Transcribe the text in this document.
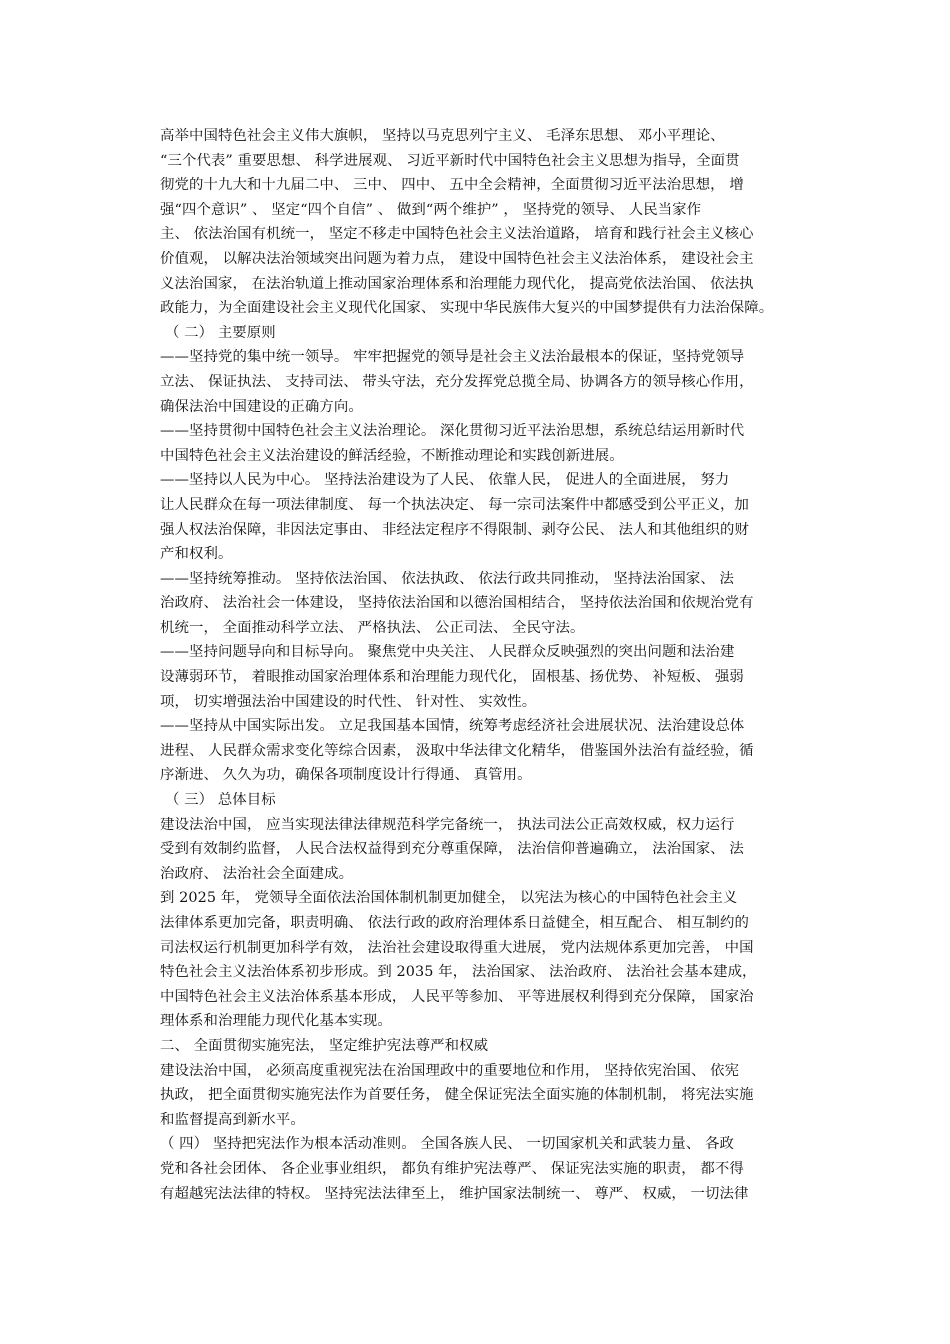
高举中国特色社会主义伟大旗帜， 坚持以马克思列宁主义、 毛泽东思想、 邓小平理论、
“三个代表” 重要思想、 科学进展观、 习近平新时代中国特色社会主义思想为指导，全面贯
彻党的十九大和十九届二中、 三中、 四中、 五中全会精神，全面贯彻习近平法治思想， 增
强“四个意识” 、 坚定“四个自信” 、 做到“两个维护” ， 坚持党的领导、 人民当家作
主、 依法治国有机统一， 坚定不移走中国特色社会主义法治道路， 培育和践行社会主义核心
价值观， 以解决法治领域突出问题为着力点， 建设中国特色社会主义法治体系， 建设社会主
义法治国家， 在法治轨道上推动国家治理体系和治理能力现代化， 提高党依法治国、 依法执
政能力，为全面建设社会主义现代化国家、 实现中华民族伟大复兴的中国梦提供有力法治保障。

（ 二） 主要原则

——坚持党的集中统一领导。 牢牢把握党的领导是社会主义法治最根本的保证，坚持党领导
立法、 保证执法、 支持司法、 带头守法，充分发挥党总揽全局、协调各方的领导核心作用，
确保法治中国建设的正确方向。

——坚持贯彻中国特色社会主义法治理论。 深化贯彻习近平法治思想，系统总结运用新时代
中国特色社会主义法治建设的鲜活经验，不断推动理论和实践创新进展。

——坚持以人民为中心。 坚持法治建设为了人民、 依靠人民， 促进人的全面进展， 努力
让人民群众在每一项法律制度、 每一个执法决定、 每一宗司法案件中都感受到公平正义，加
强人权法治保障，非因法定事由、 非经法定程序不得限制、剥夺公民、 法人和其他组织的财
产和权利。

——坚持统筹推动。 坚持依法治国、 依法执政、 依法行政共同推动， 坚持法治国家、 法
治政府、 法治社会一体建设， 坚持依法治国和以德治国相结合， 坚持依法治国和依规治党有
机统一， 全面推动科学立法、 严格执法、 公正司法、 全民守法。

——坚持问题导向和目标导向。 聚焦党中央关注、 人民群众反映强烈的突出问题和法治建
设薄弱环节， 着眼推动国家治理体系和治理能力现代化， 固根基、扬优势、 补短板、 强弱
项， 切实增强法治中国建设的时代性、 针对性、 实效性。

——坚持从中国实际出发。 立足我国基本国情，统筹考虑经济社会进展状况、法治建设总体
进程、 人民群众需求变化等综合因素， 汲取中华法律文化精华， 借鉴国外法治有益经验，循
序渐进、 久久为功，确保各项制度设计行得通、 真管用。

（ 三） 总体目标

建设法治中国， 应当实现法律法律规范科学完备统一， 执法司法公正高效权威，权力运行
受到有效制约监督， 人民合法权益得到充分尊重保障， 法治信仰普遍确立， 法治国家、 法
治政府、 法治社会全面建成。

到 2025 年， 党领导全面依法治国体制机制更加健全， 以宪法为核心的中国特色社会主义
法律体系更加完备，职责明确、 依法行政的政府治理体系日益健全，相互配合、 相互制约的
司法权运行机制更加科学有效， 法治社会建设取得重大进展， 党内法规体系更加完善， 中国
特色社会主义法治体系初步形成。到 2035 年， 法治国家、 法治政府、 法治社会基本建成，
中国特色社会主义法治体系基本形成， 人民平等参加、 平等进展权利得到充分保障， 国家治
理体系和治理能力现代化基本实现。

二、 全面贯彻实施宪法， 坚定维护宪法尊严和权威

建设法治中国， 必须高度重视宪法在治国理政中的重要地位和作用， 坚持依宪治国、 依宪
执政， 把全面贯彻实施宪法作为首要任务， 健全保证宪法全面实施的体制机制， 将宪法实施
和监督提高到新水平。

（ 四） 坚持把宪法作为根本活动准则。 全国各族人民、 一切国家机关和武装力量、 各政
党和各社会团体、 各企业事业组织， 都负有维护宪法尊严、 保证宪法实施的职责， 都不得
有超越宪法法律的特权。 坚持宪法法律至上， 维护国家法制统一、 尊严、 权威， 一切法律
